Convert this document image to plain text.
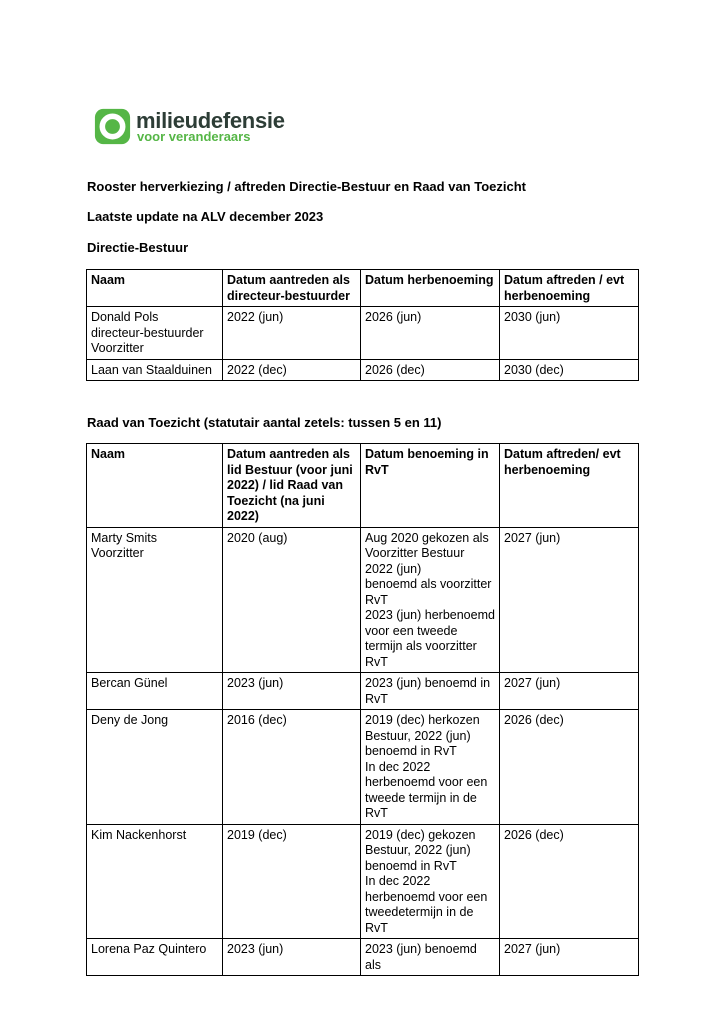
milieudefensie
voor veranderaars
Rooster herverkiezing / aftreden Directie-Bestuur en Raad van Toezicht
Laatste update na ALV december 2023
Directie-Bestuur
Naam	Datum aantreden als directeur-bestuurder	Datum herbenoeming	Datum aftreden / evt herbenoeming

Donald Pols
directeur-bestuurder
Voorzitter	2022 (jun)	2026 (jun)	2030 (jun)

Laan van Staalduinen	2022 (dec)	2026 (dec)	2030 (dec)
Raad van Toezicht (statutair aantal zetels: tussen 5 en 11)
Naam	Datum aantreden als lid Bestuur (voor juni 2022) / lid Raad van Toezicht (na juni 2022)	Datum benoeming in RvT	Datum aftreden/ evt herbenoeming

Marty Smits
Voorzitter	2020 (aug)	Aug 2020 gekozen als Voorzitter Bestuur
2022 (jun)
benoemd als voorzitter RvT
2023 (jun) herbenoemd voor een tweede termijn als voorzitter RvT	2027 (jun)

Bercan Günel	2023 (jun)	2023 (jun) benoemd in RvT	2027 (jun)

Deny de Jong	2016 (dec)	2019 (dec) herkozen Bestuur, 2022 (jun) benoemd in RvT
In dec 2022 herbenoemd voor een tweede termijn in de RvT	2026 (dec)

Kim Nackenhorst	2019 (dec)	2019 (dec) gekozen Bestuur, 2022 (jun) benoemd in RvT
In dec 2022 herbenoemd voor een tweedetermijn in de RvT	2026 (dec)

Lorena Paz Quintero	2023 (jun)	2023 (jun) benoemd als	2027 (jun)
